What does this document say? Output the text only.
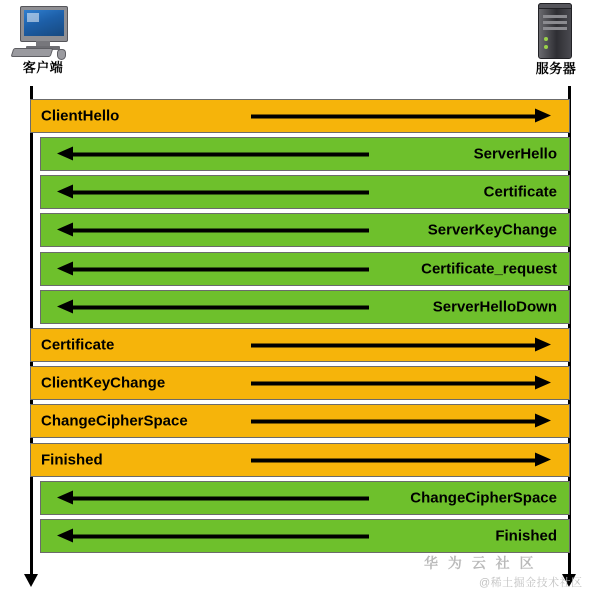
客户端	服务器
ClientHello
ServerHello
Certificate
ServerKeyChange
Certificate_request
ServerHelloDown
Certificate
ClientKeyChange
ChangeCipherSpace
Finished
ChangeCipherSpace
Finished
华 为 云 社 区
@稀土掘金技术社区
